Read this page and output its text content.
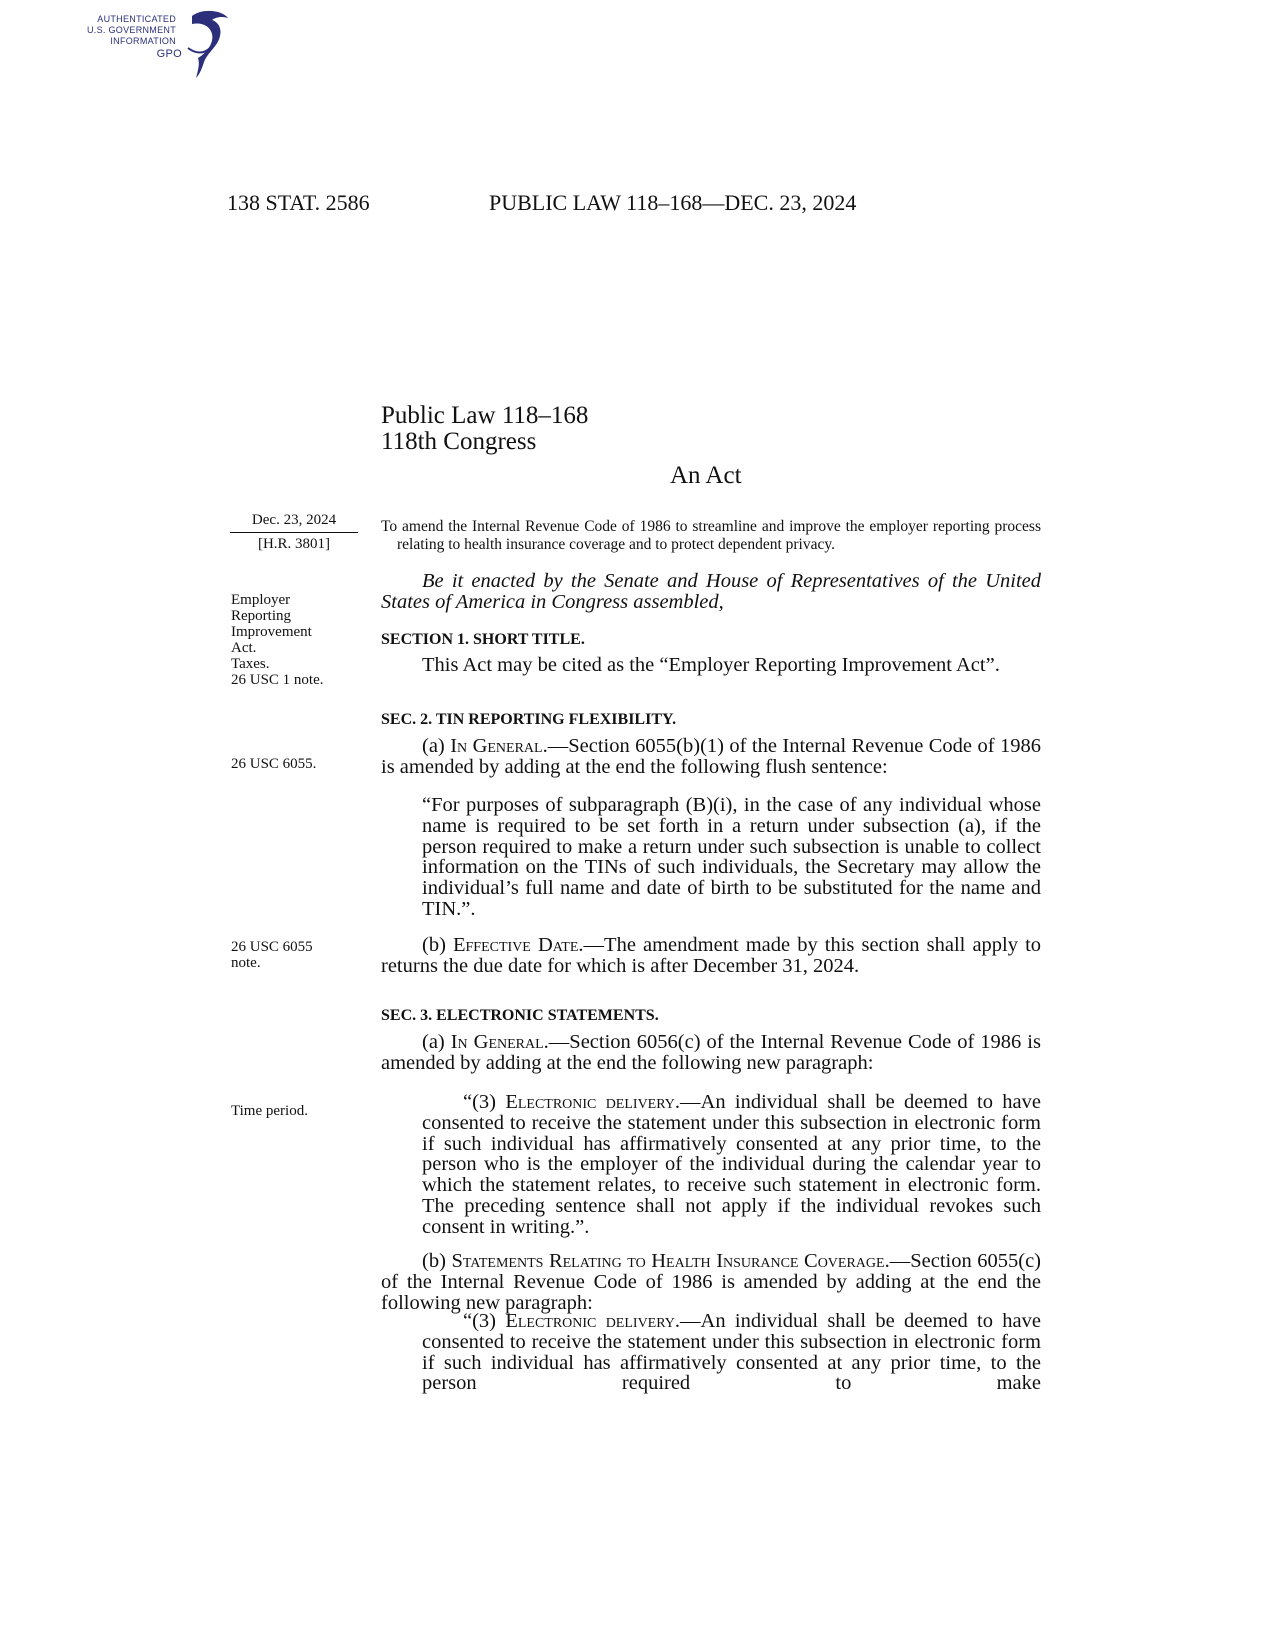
AUTHENTICATED
U.S. GOVERNMENT
INFORMATION
GPO
138 STAT. 2586	PUBLIC LAW 118–168—DEC. 23, 2024
Public Law 118–168
118th Congress
An Act
Dec. 23, 2024
[H.R. 3801]
Employer
Reporting
Improvement
Act.
Taxes.
26 USC 1 note.
26 USC 6055.
26 USC 6055
note.
Time period.

To amend the Internal Revenue Code of 1986 to streamline and improve the employer reporting process relating to health insurance coverage and to protect dependent privacy.

Be it enacted by the Senate and House of Representatives of the United States of America in Congress assembled,

SECTION 1. SHORT TITLE.

This Act may be cited as the “Employer Reporting Improvement Act”.

SEC. 2. TIN REPORTING FLEXIBILITY.

(a) In General.—Section 6055(b)(1) of the Internal Revenue Code of 1986 is amended by adding at the end the following flush sentence:

“For purposes of subparagraph (B)(i), in the case of any individual whose name is required to be set forth in a return under subsection (a), if the person required to make a return under such subsection is unable to collect information on the TINs of such individuals, the Secretary may allow the individual’s full name and date of birth to be substituted for the name and TIN.”.

(b) Effective Date.—The amendment made by this section shall apply to returns the due date for which is after December 31, 2024.

SEC. 3. ELECTRONIC STATEMENTS.

(a) In General.—Section 6056(c) of the Internal Revenue Code of 1986 is amended by adding at the end the following new paragraph:

“(3) Electronic delivery.—An individual shall be deemed to have consented to receive the statement under this subsection in electronic form if such individual has affirmatively consented at any prior time, to the person who is the employer of the individual during the calendar year to which the statement relates, to receive such statement in electronic form. The preceding sentence shall not apply if the individual revokes such consent in writing.”.

(b) Statements Relating to Health Insurance Coverage.—Section 6055(c) of the Internal Revenue Code of 1986 is amended by adding at the end the following new paragraph:

“(3) Electronic delivery.—An individual shall be deemed to have consented to receive the statement under this subsection in electronic form if such individual has affirmatively consented at any prior time, to the person required to make
